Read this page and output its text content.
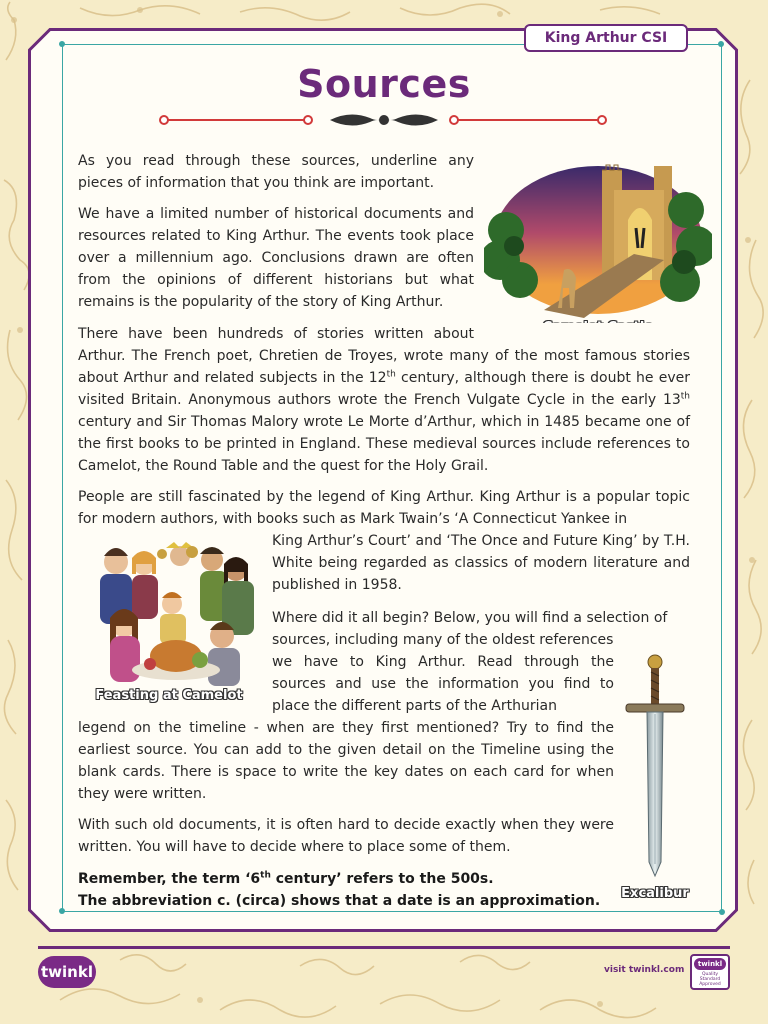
King Arthur CSI
Sources

As you read through these sources, underline any pieces of information that you think are important.

We have a limited number of historical documents and resources related to King Arthur. The events took place over a millennium ago. Conclusions drawn are often from the opinions of different historians but what remains is the popularity of the story of King Arthur.

There have been hundreds of stories written about Arthur. The French poet, Chretien de Troyes, wrote many of the most famous stories about Arthur and related subjects in the 12th century, although there is doubt he ever visited Britain. Anonymous authors wrote the French Vulgate Cycle in the early 13th century and Sir Thomas Malory wrote Le Morte d’Arthur, which in 1485 became one of the first books to be printed in England. These medieval sources include references to Camelot, the Round Table and the quest for the Holy Grail.
People are still fascinated by the legend of King Arthur. King Arthur is a popular topic for modern authors, with books such as Mark Twain’s ‘A Connecticut Yankee in
King Arthur’s Court’ and ‘The Once and Future King’ by T.H. White being regarded as classics of modern literature and published in 1958.
Feasting at Camelot
Where did it all begin? Below, you will find a selection of
sources, including many of the oldest references
we have to King Arthur. Read through the sources and use the information you find to place the different parts of the Arthurian
legend on the timeline - when are they first mentioned? Try to find the earliest source. You can add to the given detail on the Timeline using the blank cards. There is space to write the key dates on each card for when they were written.
Excalibur
With such old documents, it is often hard to decide exactly when they were written. You will have to decide where to place some of them.
Remember, the term ‘6th century’ refers to the 500s.
The abbreviation c. (circa) shows that a date is an approximation.
twinkl	visit twinkl.com
twinkl
Quality Standard Approved
